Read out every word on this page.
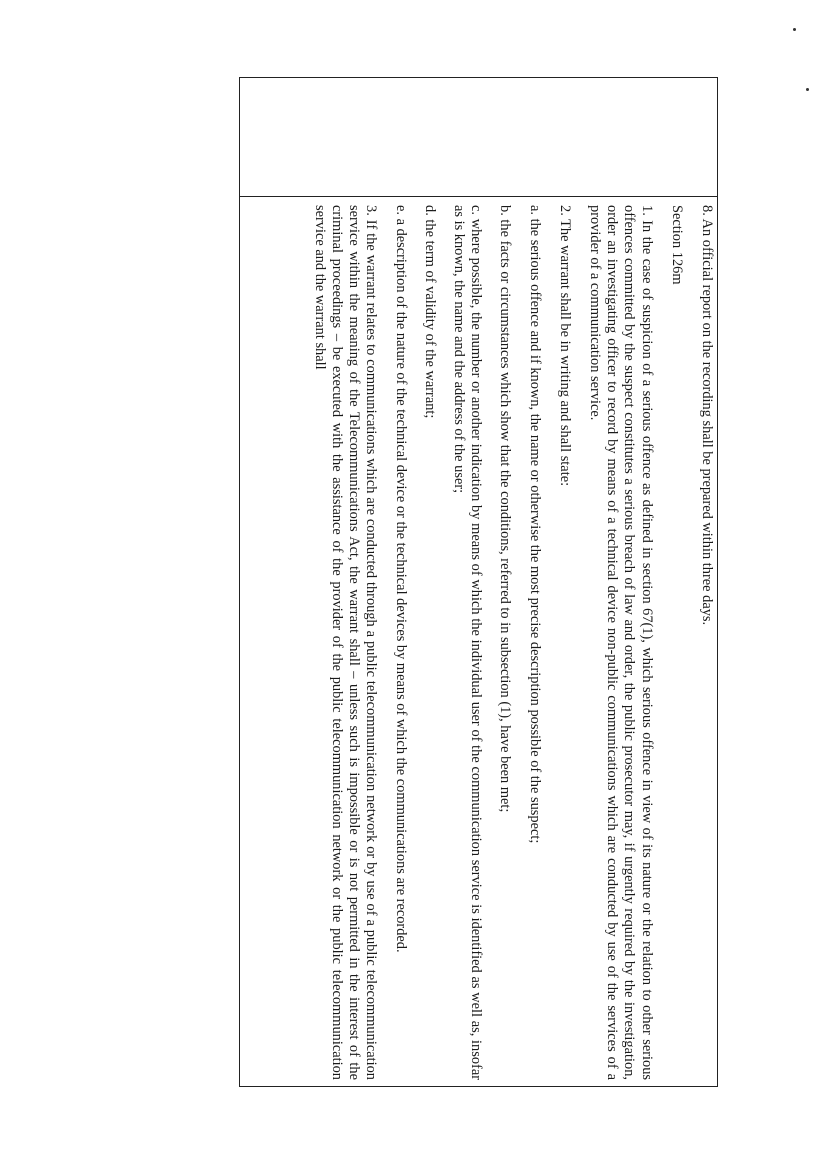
8. An official report on the recording shall be prepared within three days.

Section 126m

1. In the case of suspicion of a serious offence as defined in section 67(1), which serious offence in view of its nature or the relation to other serious offences committed by the suspect constitutes a serious breach of law and order, the public prosecutor may, if urgently required by the investigation, order an investigating officer to record by means of a technical device non-public communications which are conducted by use of the services of a provider of a communication service.

2. The warrant shall be in writing and shall state:

a. the serious offence and if known, the name or otherwise the most precise description possible of the suspect;

b. the facts or circumstances which show that the conditions, referred to in subsection (1), have been met;

c. where possible, the number or another indication by means of which the individual user of the communication service is identified as well as, insofar as is known, the name and the address of the user;

d. the term of validity of the warrant;

e. a description of the nature of the technical device or the technical devices by means of which the communications are recorded.

3. If the warrant relates to communications which are conducted through a public telecommunication network or by use of a public telecommunication service within the meaning of the Telecommunications Act, the warrant shall – unless such is impossible or is not permitted in the interest of the criminal proceedings – be executed with the assistance of the provider of the public telecommunication network or the public telecommunication service and the warrant shall
